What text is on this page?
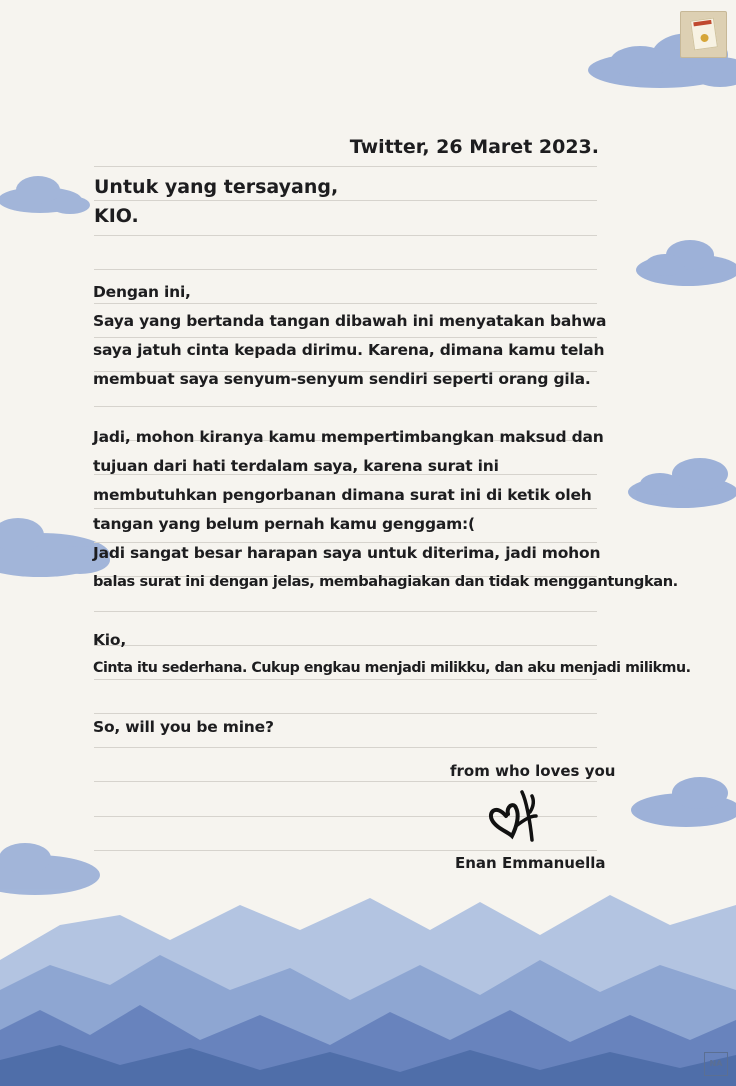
Twitter, 26 Maret 2023.
Untuk yang tersayang,
KIO.
Dengan ini,
Saya yang bertanda tangan dibawah ini menyatakan bahwa
saya jatuh cinta kepada dirimu. Karena, dimana kamu telah
membuat saya senyum-senyum sendiri seperti orang gila.
Jadi, mohon kiranya kamu mempertimbangkan maksud dan
tujuan dari hati terdalam saya, karena surat ini
membutuhkan pengorbanan dimana surat ini di ketik oleh
tangan yang belum pernah kamu genggam:(
Jadi sangat besar harapan saya untuk diterima, jadi mohon
balas surat ini dengan jelas, membahagiakan dan tidak menggantungkan.
Kio,
Cinta itu sederhana. Cukup engkau menjadi milikku, dan aku menjadi milikmu.
So, will you be mine?
from who loves you
Enan Emmanuella
NA
